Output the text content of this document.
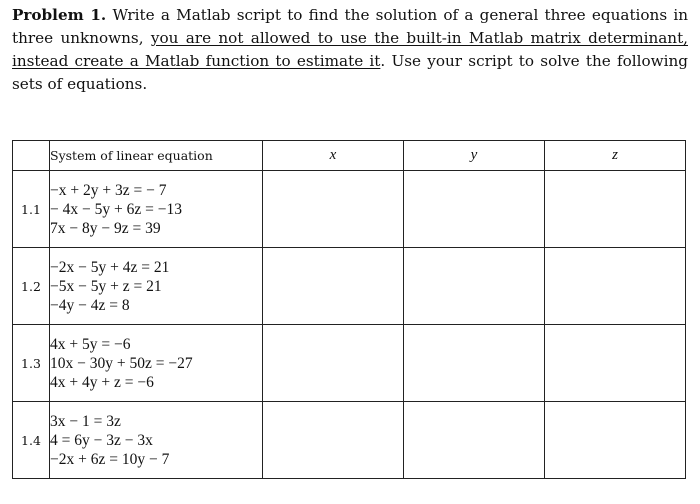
Problem 1. Write a Matlab script to find the solution of a general three equations in three unknowns, you are not allowed to use the built-in Matlab matrix determinant, instead create a Matlab function to estimate it. Use your script to solve the following sets of equations.
	System of linear equation	x	y	z
1.1	−x + 2y + 3z = − 7
− 4x − 5y + 6z = −13
7x − 8y − 9z = 39			

1.2	−2x − 5y + 4z = 21
−5x − 5y + z = 21
−4y − 4z = 8			

1.3	4x + 5y = −6
10x − 30y + 50z = −27
4x + 4y + z = −6			

1.4	3x − 1 = 3z
4 = 6y − 3z − 3x
−2x + 6z = 10y − 7			
